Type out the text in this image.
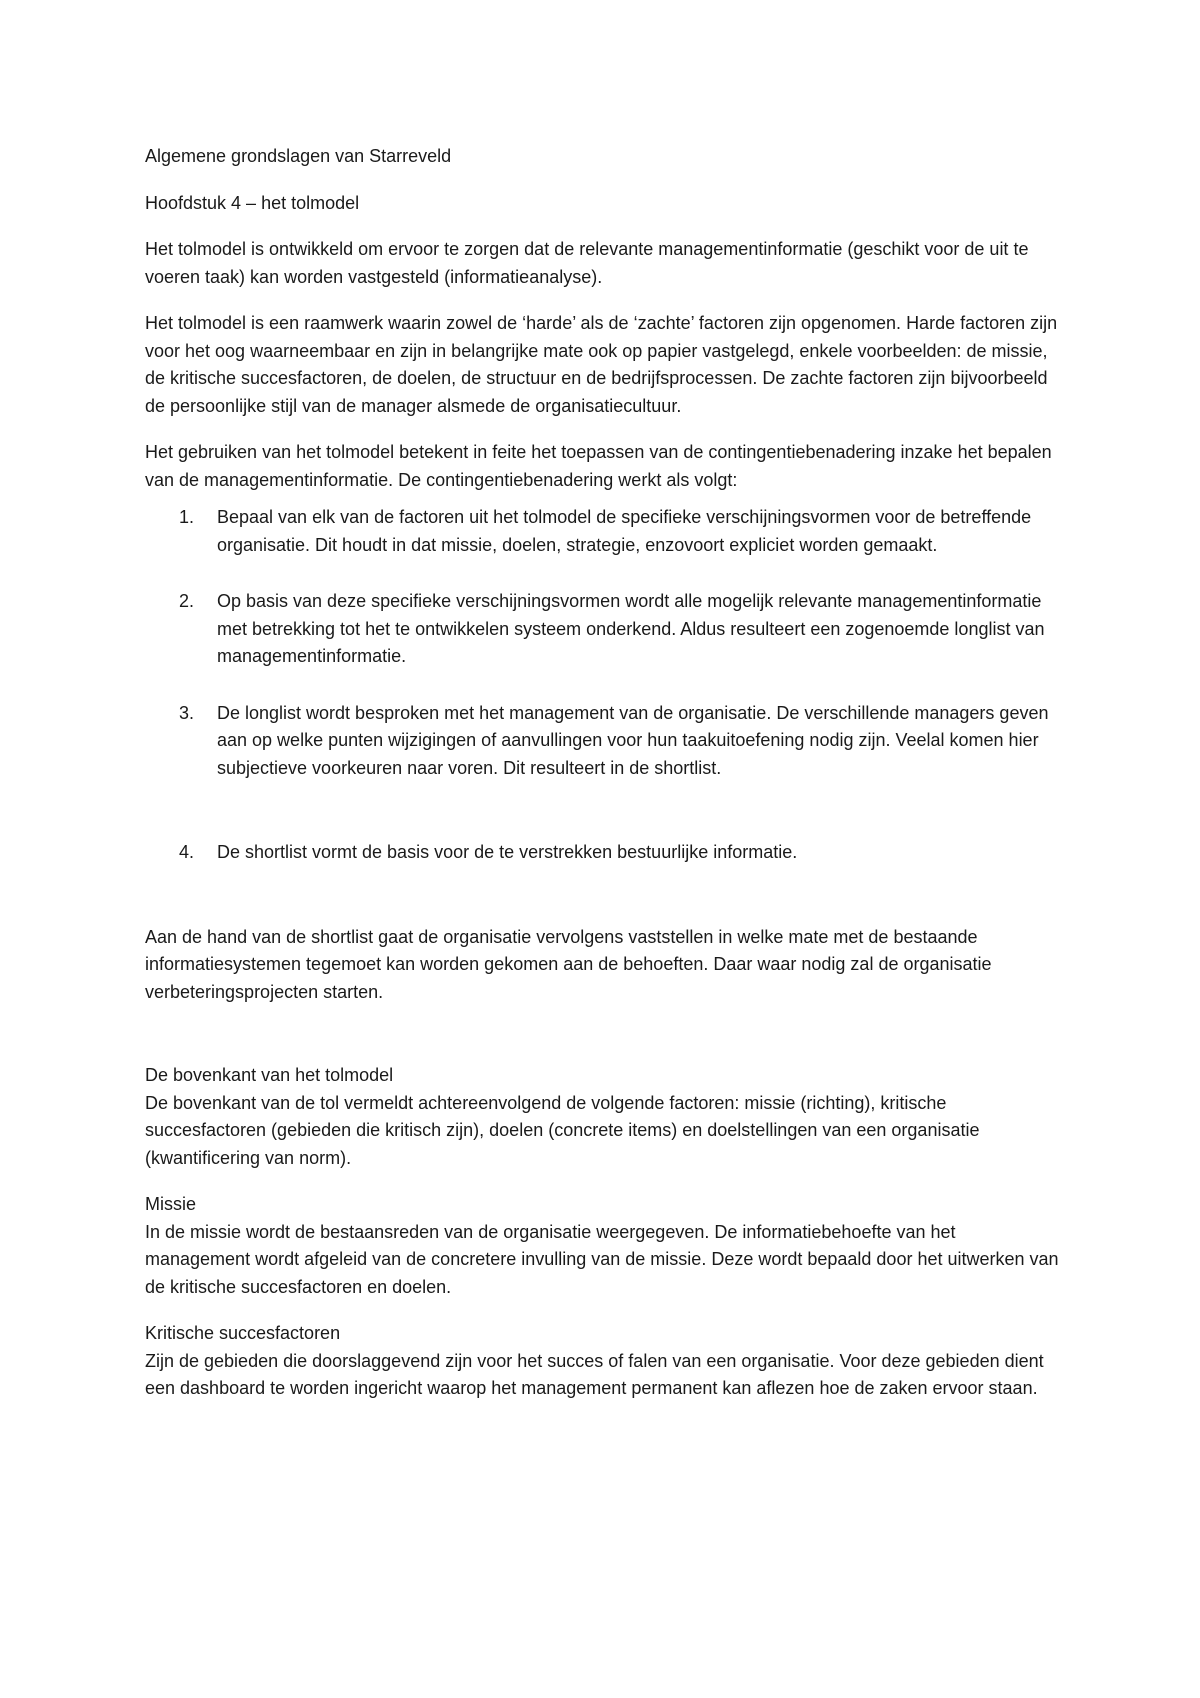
Algemene grondslagen van Starreveld

Hoofdstuk 4 – het tolmodel

Het tolmodel is ontwikkeld om ervoor te zorgen dat de relevante managementinformatie (geschikt voor de uit te voeren taak) kan worden vastgesteld (informatieanalyse).

Het tolmodel is een raamwerk waarin zowel de ‘harde’ als de ‘zachte’ factoren zijn opgenomen. Harde factoren zijn voor het oog waarneembaar en zijn in belangrijke mate ook op papier vastgelegd, enkele voorbeelden: de missie, de kritische succesfactoren, de doelen, de structuur en de bedrijfsprocessen. De zachte factoren zijn bijvoorbeeld de persoonlijke stijl van de manager alsmede de organisatiecultuur.

Het gebruiken van het tolmodel betekent in feite het toepassen van de contingentiebenadering inzake het bepalen van de managementinformatie. De contingentiebenadering werkt als volgt:

1. Bepaal van elk van de factoren uit het tolmodel de specifieke verschijningsvormen voor de betreffende organisatie. Dit houdt in dat missie, doelen, strategie, enzovoort expliciet worden gemaakt.
2. Op basis van deze specifieke verschijningsvormen wordt alle mogelijk relevante managementinformatie met betrekking tot het te ontwikkelen systeem onderkend. Aldus resulteert een zogenoemde longlist van managementinformatie.
3. De longlist wordt besproken met het management van de organisatie. De verschillende managers geven aan op welke punten wijzigingen of aanvullingen voor hun taakuitoefening nodig zijn. Veelal komen hier subjectieve voorkeuren naar voren. Dit resulteert in de shortlist.
4. De shortlist vormt de basis voor de te verstrekken bestuurlijke informatie.

Aan de hand van de shortlist gaat de organisatie vervolgens vaststellen in welke mate met de bestaande informatiesystemen tegemoet kan worden gekomen aan de behoeften. Daar waar nodig zal de organisatie verbeteringsprojecten starten.

De bovenkant van het tolmodel
De bovenkant van de tol vermeldt achtereenvolgend de volgende factoren: missie (richting), kritische succesfactoren (gebieden die kritisch zijn), doelen (concrete items) en doelstellingen van een organisatie (kwantificering van norm).

Missie
In de missie wordt de bestaansreden van de organisatie weergegeven. De informatiebehoefte van het management wordt afgeleid van de concretere invulling van de missie. Deze wordt bepaald door het uitwerken van de kritische succesfactoren en doelen.

Kritische succesfactoren
Zijn de gebieden die doorslaggevend zijn voor het succes of falen van een organisatie. Voor deze gebieden dient een dashboard te worden ingericht waarop het management permanent kan aflezen hoe de zaken ervoor staan.
